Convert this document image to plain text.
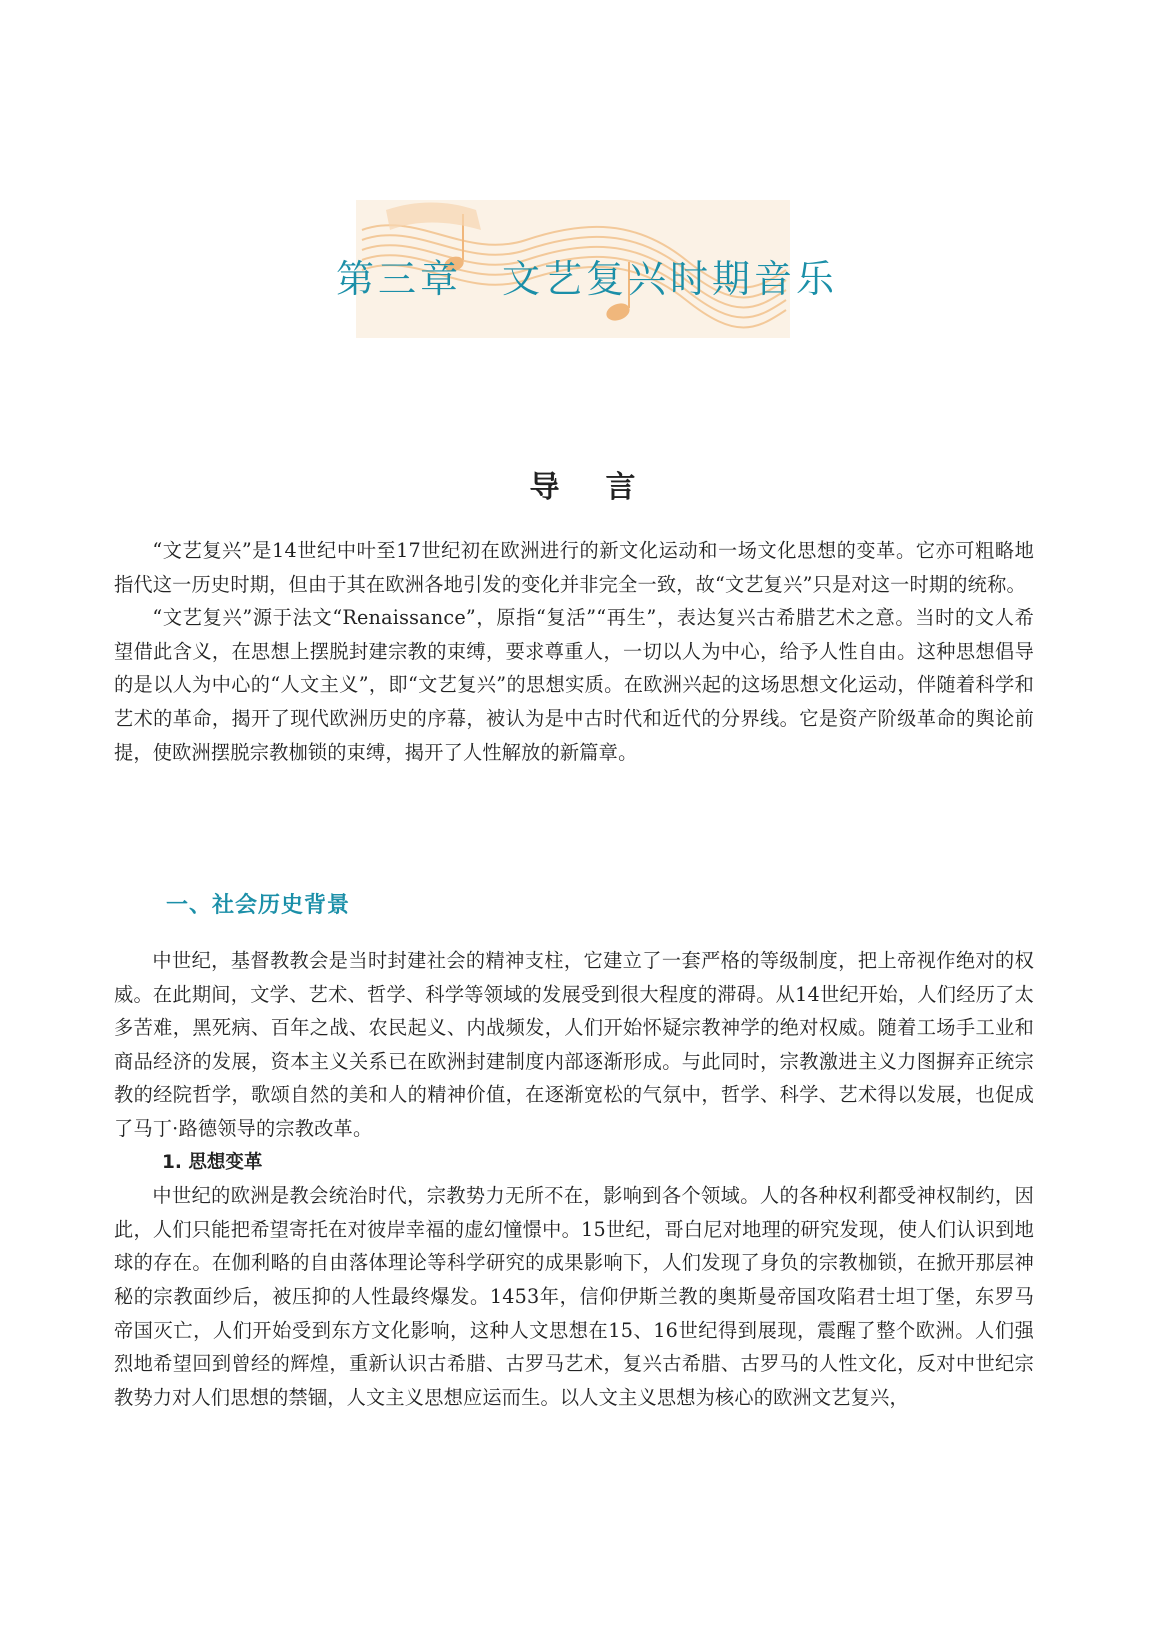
第三章 文艺复兴时期音乐
导言

“文艺复兴”是14世纪中叶至17世纪初在欧洲进行的新文化运动和一场文化思想的变革。它亦可粗略地指代这一历史时期，但由于其在欧洲各地引发的变化并非完全一致，故“文艺复兴”只是对这一时期的统称。

“文艺复兴”源于法文“Renaissance”，原指“复活”“再生”，表达复兴古希腊艺术之意。当时的文人希望借此含义，在思想上摆脱封建宗教的束缚，要求尊重人，一切以人为中心，给予人性自由。这种思想倡导的是以人为中心的“人文主义”，即“文艺复兴”的思想实质。在欧洲兴起的这场思想文化运动，伴随着科学和艺术的革命，揭开了现代欧洲历史的序幕，被认为是中古时代和近代的分界线。它是资产阶级革命的舆论前提，使欧洲摆脱宗教枷锁的束缚，揭开了人性解放的新篇章。

一、社会历史背景

中世纪，基督教教会是当时封建社会的精神支柱，它建立了一套严格的等级制度，把上帝视作绝对的权威。在此期间，文学、艺术、哲学、科学等领域的发展受到很大程度的滞碍。从14世纪开始，人们经历了太多苦难，黑死病、百年之战、农民起义、内战频发，人们开始怀疑宗教神学的绝对权威。随着工场手工业和商品经济的发展，资本主义关系已在欧洲封建制度内部逐渐形成。与此同时，宗教激进主义力图摒弃正统宗教的经院哲学，歌颂自然的美和人的精神价值，在逐渐宽松的气氛中，哲学、科学、艺术得以发展，也促成了马丁·路德领导的宗教改革。

1. 思想变革

中世纪的欧洲是教会统治时代，宗教势力无所不在，影响到各个领域。人的各种权利都受神权制约，因此，人们只能把希望寄托在对彼岸幸福的虚幻憧憬中。15世纪，哥白尼对地理的研究发现，使人们认识到地球的存在。在伽利略的自由落体理论等科学研究的成果影响下，人们发现了身负的宗教枷锁，在掀开那层神秘的宗教面纱后，被压抑的人性最终爆发。1453年，信仰伊斯兰教的奥斯曼帝国攻陷君士坦丁堡，东罗马帝国灭亡，人们开始受到东方文化影响，这种人文思想在15、16世纪得到展现，震醒了整个欧洲。人们强烈地希望回到曾经的辉煌，重新认识古希腊、古罗马艺术，复兴古希腊、古罗马的人性文化，反对中世纪宗教势力对人们思想的禁锢，人文主义思想应运而生。以人文主义思想为核心的欧洲文艺复兴，
